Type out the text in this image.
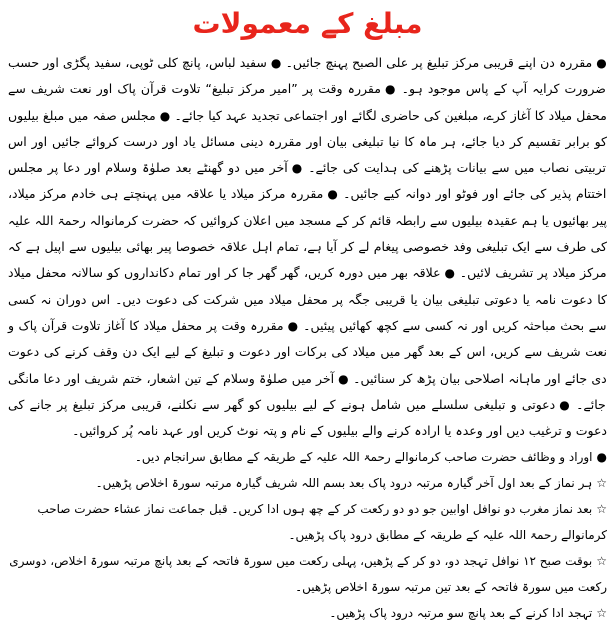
مبلغ کے معمولات

●مقررہ دن اپنے قریبی مرکز تبلیغ پر علی الصبح پہنچ جائیں۔ ●سفید لباس، پانچ کلی ٹوپی، سفید پگڑی اور حسب ضرورت کرایہ آپ کے پاس موجود ہو۔ ●مقررہ وقت پر ”امیر مرکز تبلیغ“ تلاوت قرآن پاک اور نعت شریف سے محفل میلاد کا آغاز کرے، مبلغین کی حاضری لگائے اور اجتماعی تجدید عہد کیا جائے۔ ●مجلس صفہ میں مبلغ بیلیوں کو برابر تقسیم کر دیا جائے، ہر ماہ کا نیا تبلیغی بیان اور مقررہ دینی مسائل یاد اور درست کروائے جائیں اور اس تربیتی نصاب میں سے بیانات پڑھنے کی ہدایت کی جائے۔ ●آخر میں دو گھنٹے بعد صلوٰۃ وسلام اور دعا پر مجلس اختتام پذیر کی جائے اور فوٹو اور دوانہ کیے جائیں۔ ●مقررہ مرکز میلاد یا علاقہ میں پہنچتے ہی خادم مرکز میلاد، پیر بھائیوں یا ہم عقیدہ بیلیوں سے رابطہ قائم کر کے مسجد میں اعلان کروائیں کہ حضرت کرمانوالہ رحمۃ اللہ علیہ کی طرف سے ایک تبلیغی وفد خصوصی پیغام لے کر آیا ہے، تمام اہل علاقہ خصوصا پیر بھائی بیلیوں سے اپیل ہے کہ مرکز میلاد پر تشریف لائیں۔ ●علاقہ بھر میں دورہ کریں، گھر گھر جا کر اور تمام دکانداروں کو سالانہ محفل میلاد کا دعوت نامہ یا دعوتی تبلیغی بیان یا قریبی جگہ پر محفل میلاد میں شرکت کی دعوت دیں۔ اس دوران نہ کسی سے بحث مباحثہ کریں اور نہ کسی سے کچھ کھائیں پیئیں۔ ●مقررہ وقت پر محفل میلاد کا آغاز تلاوت قرآن پاک و نعت شریف سے کریں، اس کے بعد گھر میں میلاد کی برکات اور دعوت و تبلیغ کے لیے ایک دن وقف کرنے کی دعوت دی جائے اور ماہانہ اصلاحی بیان پڑھ کر سنائیں۔ ●آخر میں صلوٰۃ وسلام کے تین اشعار، ختم شریف اور دعا مانگی جائے۔ ●دعوتی و تبلیغی سلسلے میں شامل ہونے کے لیے بیلیوں کو گھر سے نکلنے، قریبی مرکز تبلیغ پر جانے کی دعوت و ترغیب دیں اور وعدہ یا ارادہ کرنے والے بیلیوں کے نام و پتہ نوٹ کریں اور عہد نامہ پُر کروائیں۔

●اوراد و وظائف حضرت صاحب کرمانوالے رحمۃ اللہ علیہ کے طریقہ کے مطابق سرانجام دیں۔

☆ہر نماز کے بعد اول آخر گیارہ مرتبہ درود پاک بعد بسم اللہ شریف گیارہ مرتبہ سورۃ اخلاص پڑھیں۔

☆بعد نماز مغرب دو نوافل اوابین جو دو دو رکعت کر کے چھ ہوں ادا کریں۔ قبل جماعت نماز عشاء حضرت صاحب کرمانوالے رحمۃ اللہ علیہ کے طریقہ کے مطابق درود پاک پڑھیں۔

☆بوقت صبح ۱۲ نوافل تہجد دو، دو کر کے پڑھیں، پہلی رکعت میں سورۃ فاتحہ کے بعد پانچ مرتبہ سورۃ اخلاص، دوسری رکعت میں سورۃ فاتحہ کے بعد تین مرتبہ سورۃ اخلاص پڑھیں۔

☆تہجد ادا کرنے کے بعد پانچ سو مرتبہ درود پاک پڑھیں۔
